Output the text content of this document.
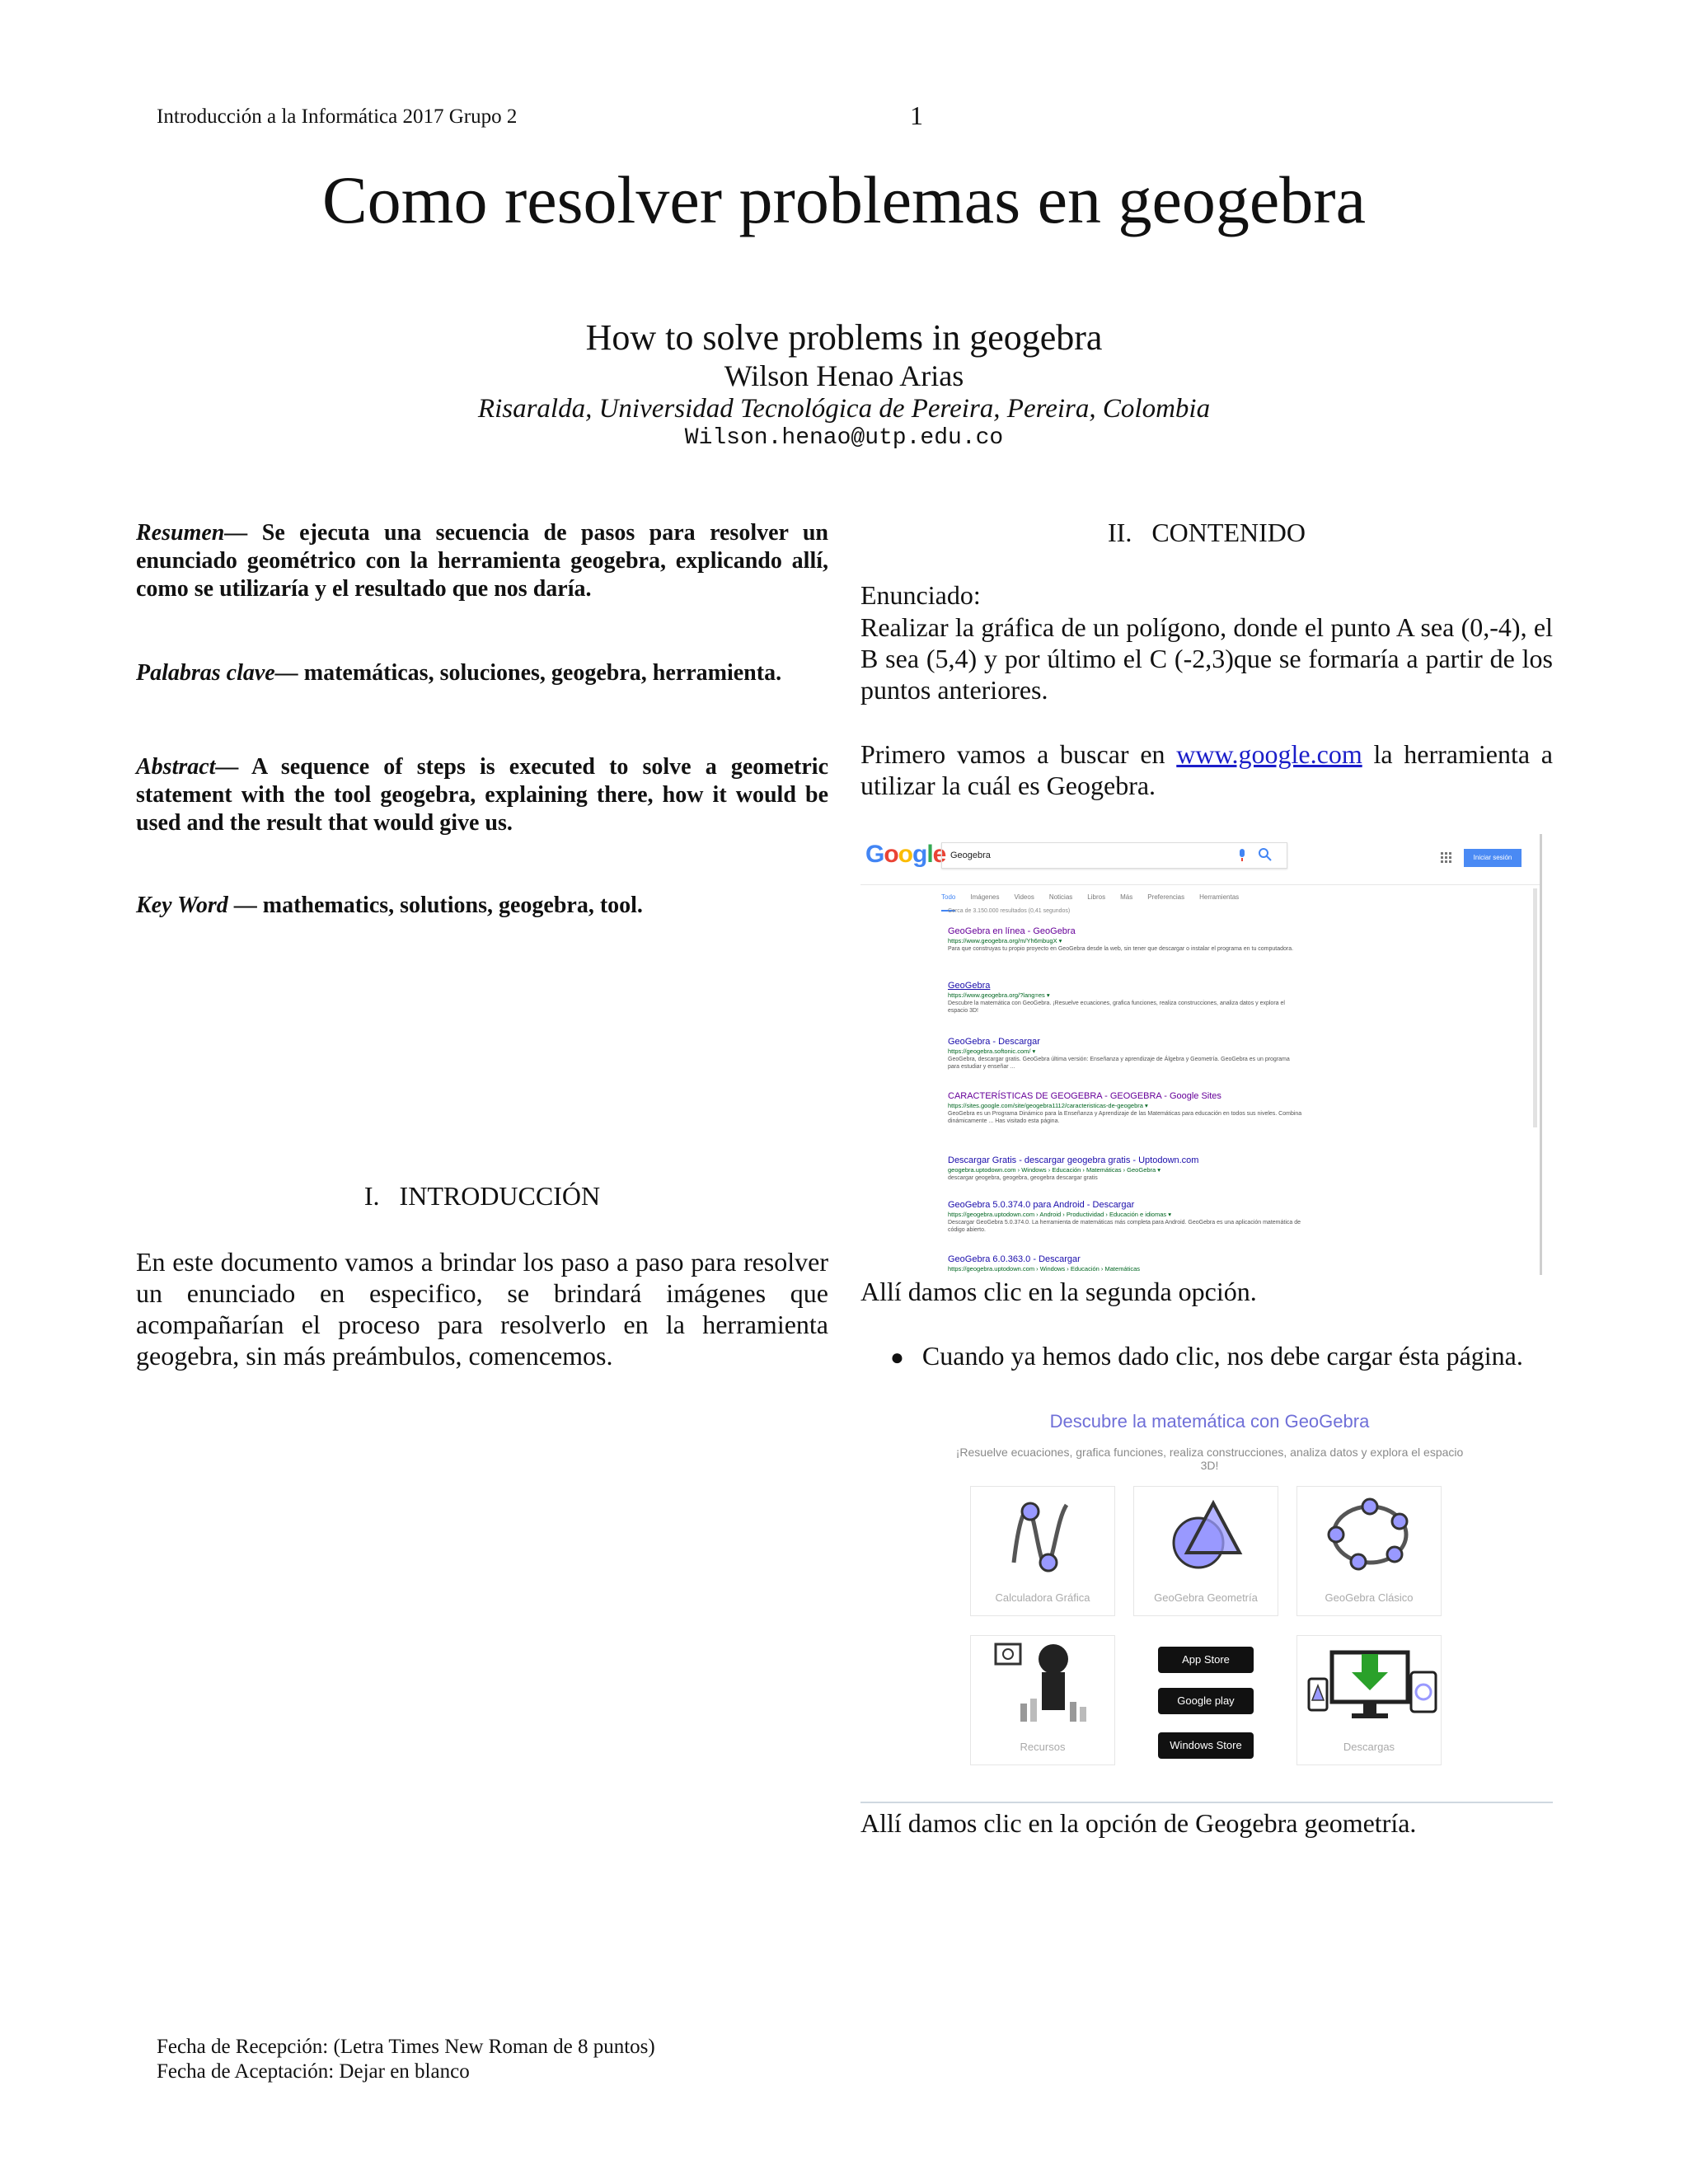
Introducción a la Informática 2017 Grupo 2	1
Como resolver problemas en geogebra
How to solve problems in geogebra
Wilson Henao Arias
Risaralda, Universidad Tecnológica de Pereira, Pereira, Colombia
Wilson.henao@utp.edu.co

Resumen— Se ejecuta una secuencia de pasos para resolver un enunciado geométrico con la herramienta geogebra, explicando allí, como se utilizaría y el resultado que nos daría.

Palabras clave— matemáticas, soluciones, geogebra, herramienta.

Abstract— A sequence of steps is executed to solve a geometric statement with the tool geogebra, explaining there, how it would be used and the result that would give us.

Key Word — mathematics, solutions, geogebra, tool.

I.   INTRODUCCIÓN

En este documento vamos a brindar los paso a paso para resolver un enunciado en especifico, se brindará imágenes que acompañarían el proceso para resolverlo en la herramienta geogebra, sin más preámbulos, comencemos.

II.   CONTENIDO
Enunciado:

Realizar la gráfica de un polígono, donde el punto A sea (0,-4), el B sea (5,4) y por último el C (-2,3)que se formaría a partir de los puntos anteriores.

Primero vamos a buscar en www.google.com la herramienta a utilizar la cuál es Geogebra.

Google Geogebra	Iniciar sesión
Todo Imágenes Videos Noticias Libros Más Preferencias Herramientas
Cerca de 3.150.000 resultados (0,41 segundos)
GeoGebra en línea - GeoGebra
https://www.geogebra.org/m/Yh6mbugX ▾
Para que construyas tu propio proyecto en GeoGebra desde la web, sin tener que descargar o instalar el programa en tu computadora.
GeoGebra
https://www.geogebra.org/?lang=es ▾
Descubre la matemática con GeoGebra. ¡Resuelve ecuaciones, grafica funciones, realiza construcciones, analiza datos y explora el espacio 3D!
GeoGebra - Descargar
https://geogebra.softonic.com/ ▾
GeoGebra, descargar gratis. GeoGebra última versión: Enseñanza y aprendizaje de Álgebra y Geometría. GeoGebra es un programa para estudiar y enseñar ...
CARACTERÍSTICAS DE GEOGEBRA - GEOGEBRA - Google Sites
https://sites.google.com/site/geogebra1112/caracteristicas-de-geogebra ▾
GeoGebra es un Programa Dinámico para la Enseñanza y Aprendizaje de las Matemáticas para educación en todos sus niveles. Combina dinámicamente ... Has visitado esta página.
Descargar Gratis - descargar geogebra gratis - Uptodown.com
geogebra.uptodown.com › Windows › Educación › Matemáticas › GeoGebra ▾
descargar geogebra, geogebra, geogebra descargar gratis
GeoGebra 5.0.374.0 para Android - Descargar
https://geogebra.uptodown.com › Android › Productividad › Educación e idiomas ▾
Descargar GeoGebra 5.0.374.0. La herramienta de matemáticas más completa para Android. GeoGebra es una aplicación matemática de código abierto.
GeoGebra 6.0.363.0 - Descargar
https://geogebra.uptodown.com › Windows › Educación › Matemáticas
Allí damos clic en la segunda opción.
● Cuando ya hemos dado clic, nos debe cargar ésta página.
Descubre la matemática con GeoGebra
¡Resuelve ecuaciones, grafica funciones, realiza construcciones, analiza datos y explora el espacio 3D!
Calculadora Gráfica	GeoGebra Geometría	GeoGebra Clásico
Recursos
App Store
Google play
Windows Store	Descargas
Allí damos clic en la opción de Geogebra geometría.
Fecha de Recepción: (Letra Times New Roman de 8 puntos)
Fecha de Aceptación: Dejar en blanco
